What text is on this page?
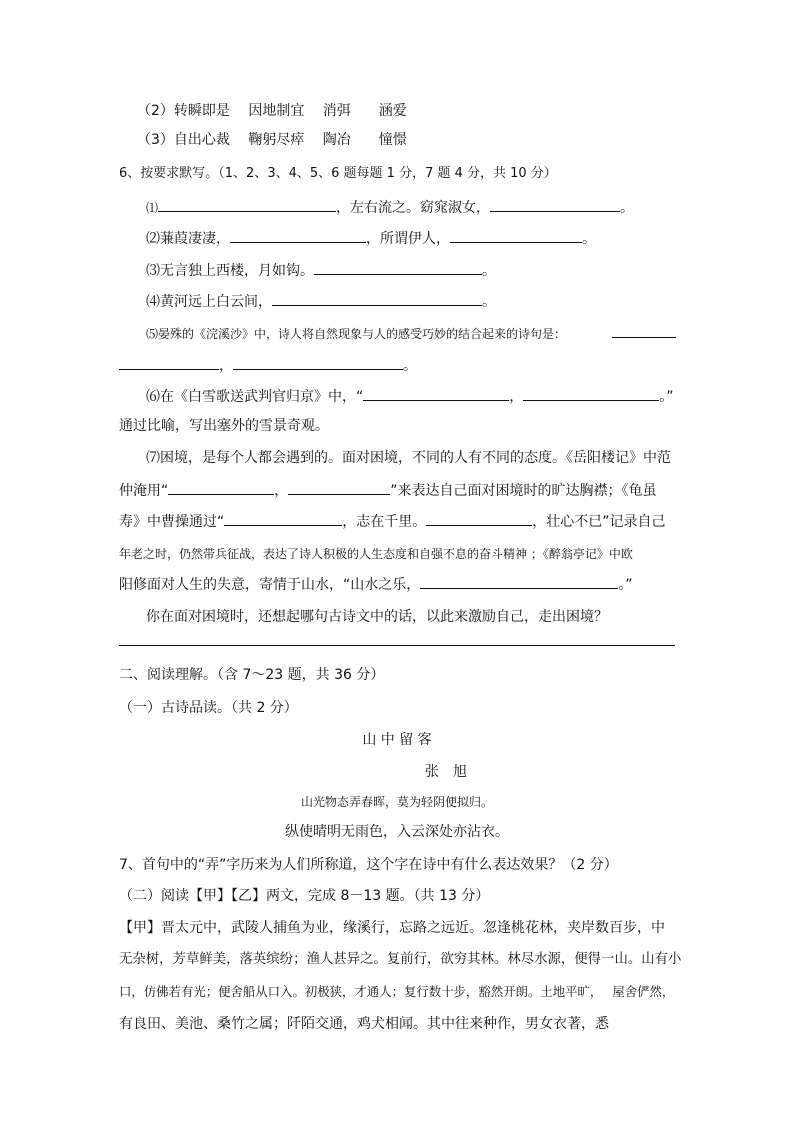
（2）转瞬即是　 因地制宜　 消弭　　涵爱
（3）自出心裁　 鞠躬尽瘁　 陶冶　　憧憬
6、按要求默写。（1、2、3、4、5、6 题每题 1 分，7 题 4 分，共 10 分）
⑴	，左右流之。窈窕淑女，	。
⑵蒹葭凄凄，	，所谓伊人，	。
⑶无言独上西楼，月如钩。	。
⑷黄河远上白云间，	。
⑸晏殊的《浣溪沙》中，诗人将自然现象与人的感受巧妙的结合起来的诗句是：
，	。
⑹在《白雪歌送武判官归京》中，“	，	。”
通过比喻，写出塞外的雪景奇观。
⑺困境，是每个人都会遇到的。面对困境，不同的人有不同的态度。《岳阳楼记》中范
仲淹用“	，	”来表达自己面对困境时的旷达胸襟；《龟虽
寿》中曹操通过“	，志在千里。	，壮心不已”记录自己
年老之时，仍然带兵征战，表达了诗人积极的人生态度和自强不息的奋斗精神 ；《醉翁亭记》中欧
阳修面对人生的失意，寄情于山水，“山水之乐，	。”
你在面对困境时，还想起哪句古诗文中的话，以此来激励自己，走出困境？
二、阅读理解。（含 7～23 题，共 36 分）
（一）古诗品读。（共 2 分）
山 中 留 客
张　旭
山光物态弄春晖，莫为轻阴便拟归。
纵使晴明无雨色，入云深处亦沾衣。
7、首句中的“弄”字历来为人们所称道，这个字在诗中有什么表达效果？（2 分）
（二）阅读【甲】【乙】两文，完成 8－13 题。（共 13 分）
【甲】晋太元中，武陵人捕鱼为业，缘溪行，忘路之远近。忽逢桃花林，夹岸数百步，中
无杂树，芳草鲜美，落英缤纷；渔人甚异之。复前行，欲穷其林。林尽水源，便得一山。山有小
口，仿佛若有光；便舍船从口入。初极狭，才通人；复行数十步，豁然开朗。土地平旷，　 屋舍俨然，
有良田、美池、桑竹之属；阡陌交通，鸡犬相闻。其中往来种作，男女衣著，悉
